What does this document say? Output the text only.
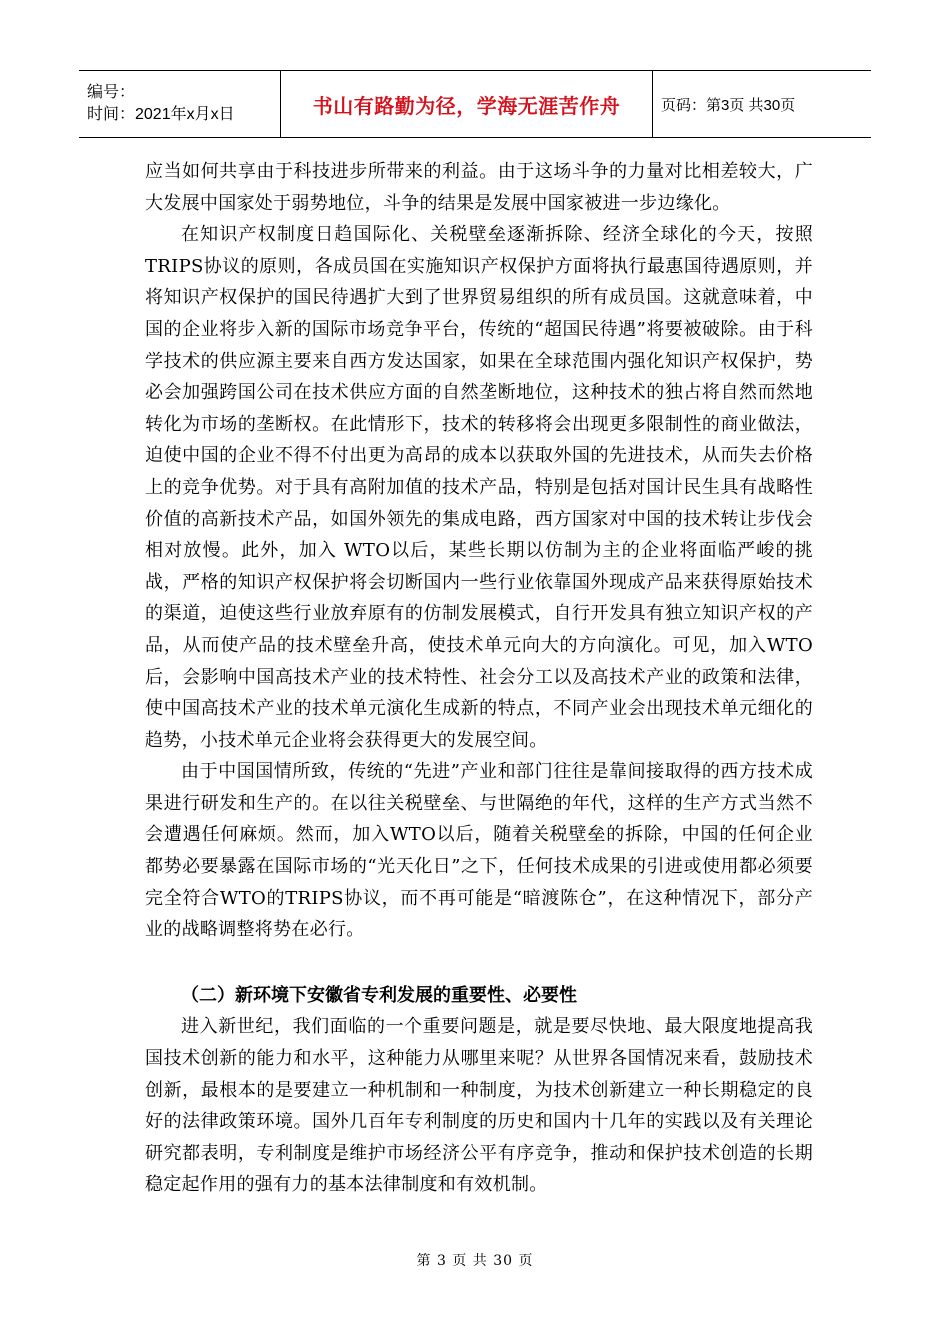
编号：
时间：2021年x月x日	书山有路勤为径，学海无涯苦作舟	页码：第3页 共30页

应当如何共享由于科技进步所带来的利益。由于这场斗争的力量对比相差较大，广大发展中国家处于弱势地位，斗争的结果是发展中国家被进一步边缘化。

在知识产权制度日趋国际化、关税壁垒逐渐拆除、经济全球化的今天，按照TRIPS协议的原则，各成员国在实施知识产权保护方面将执行最惠国待遇原则，并将知识产权保护的国民待遇扩大到了世界贸易组织的所有成员国。这就意味着，中国的企业将步入新的国际市场竞争平台，传统的“超国民待遇”将要被破除。由于科学技术的供应源主要来自西方发达国家，如果在全球范围内强化知识产权保护，势必会加强跨国公司在技术供应方面的自然垄断地位，这种技术的独占将自然而然地转化为市场的垄断权。在此情形下，技术的转移将会出现更多限制性的商业做法，迫使中国的企业不得不付出更为高昂的成本以获取外国的先进技术，从而失去价格上的竞争优势。对于具有高附加值的技术产品，特别是包括对国计民生具有战略性价值的高新技术产品，如国外领先的集成电路，西方国家对中国的技术转让步伐会相对放慢。此外，加入 WTO以后，某些长期以仿制为主的企业将面临严峻的挑战，严格的知识产权保护将会切断国内一些行业依靠国外现成产品来获得原始技术的渠道，迫使这些行业放弃原有的仿制发展模式，自行开发具有独立知识产权的产品，从而使产品的技术壁垒升高，使技术单元向大的方向演化。可见，加入WTO后，会影响中国高技术产业的技术特性、社会分工以及高技术产业的政策和法律，使中国高技术产业的技术单元演化生成新的特点，不同产业会出现技术单元细化的趋势，小技术单元企业将会获得更大的发展空间。

由于中国国情所致，传统的“先进”产业和部门往往是靠间接取得的西方技术成果进行研发和生产的。在以往关税壁垒、与世隔绝的年代，这样的生产方式当然不会遭遇任何麻烦。然而，加入WTO以后，随着关税壁垒的拆除，中国的任何企业都势必要暴露在国际市场的“光天化日”之下，任何技术成果的引进或使用都必须要完全符合WTO的TRIPS协议，而不再可能是“暗渡陈仓”，在这种情况下，部分产业的战略调整将势在必行。

（二）新环境下安徽省专利发展的重要性、必要性

进入新世纪，我们面临的一个重要问题是，就是要尽快地、最大限度地提高我国技术创新的能力和水平，这种能力从哪里来呢？从世界各国情况来看，鼓励技术创新，最根本的是要建立一种机制和一种制度，为技术创新建立一种长期稳定的良好的法律政策环境。国外几百年专利制度的历史和国内十几年的实践以及有关理论研究都表明，专利制度是维护市场经济公平有序竞争，推动和保护技术创造的长期稳定起作用的强有力的基本法律制度和有效机制。

第 3 页 共 30 页
